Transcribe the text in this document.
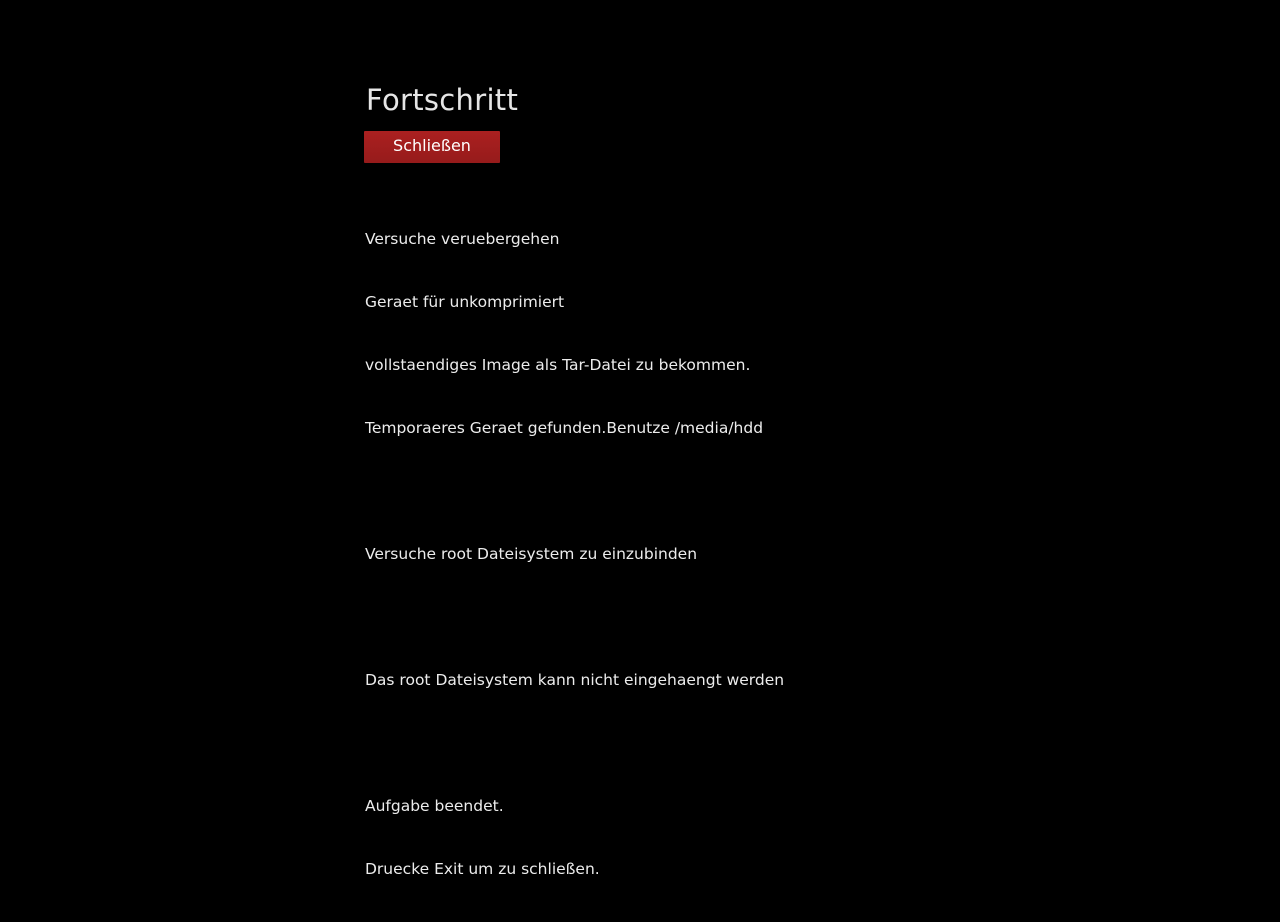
Fortschritt
Schließen

Versuche veruebergehen

Geraet für unkomprimiert

vollstaendiges Image als Tar-Datei zu bekommen.

Temporaeres Geraet gefunden.Benutze /media/hdd

Versuche root Dateisystem zu einzubinden

Das root Dateisystem kann nicht eingehaengt werden

Aufgabe beendet.

Druecke Exit um zu schließen.
